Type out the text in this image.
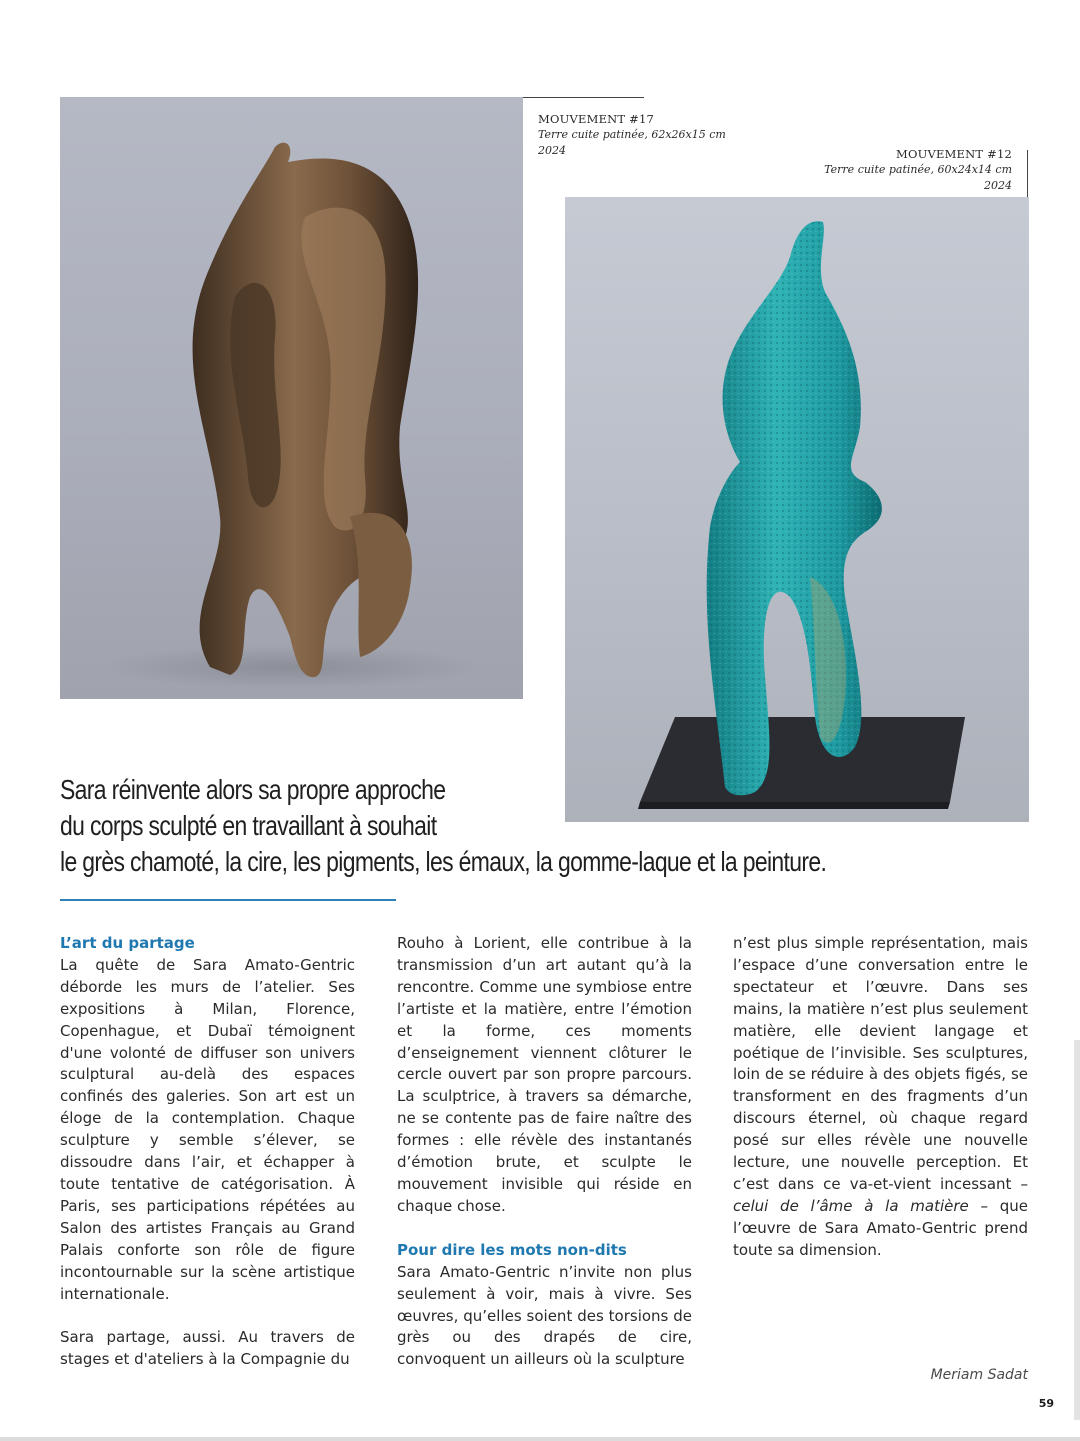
MOUVEMENT #17
Terre cuite patinée, 62x26x15 cm
2024	MOUVEMENT #12
Terre cuite patinée, 60x24x14 cm
2024
Sara réinvente alors sa propre approche
du corps sculpté en travaillant à souhait
le grès chamoté, la cire, les pigments, les émaux, la gomme-laque et la peinture.
L’art du partage

La quête de Sara Amato-Gentric déborde les murs de l’atelier. Ses expositions à Milan, Florence, Copenhague, et Dubaï témoignent d'une volonté de diffuser son univers sculptural au-delà des espaces confinés des galeries. Son art est un éloge de la contemplation. Chaque sculpture y semble s’élever, se dissoudre dans l’air, et échapper à toute tentative de catégorisation. À Paris, ses participations répétées au Salon des artistes Français au Grand Palais conforte son rôle de figure incontournable sur la scène artistique internationale.

Sara partage, aussi. Au travers de stages et d'ateliers à la Compagnie du

Rouho à Lorient, elle contribue à la transmission d’un art autant qu’à la rencontre. Comme une symbiose entre l’artiste et la matière, entre l’émotion et la forme, ces moments d’enseignement viennent clôturer le cercle ouvert par son propre parcours. La sculptrice, à travers sa démarche, ne se contente pas de faire naître des formes : elle révèle des instantanés d’émotion brute, et sculpte le mouvement invisible qui réside en chaque chose.

Pour dire les mots non-dits

Sara Amato-Gentric n’invite non plus seulement à voir, mais à vivre. Ses œuvres, qu’elles soient des torsions de grès ou des drapés de cire, convoquent un ailleurs où la sculpture

n’est plus simple représentation, mais l’espace d’une conversation entre le spectateur et l’œuvre. Dans ses mains, la matière n’est plus seulement matière, elle devient langage et poétique de l’invisible. Ses sculptures, loin de se réduire à des objets figés, se transforment en des fragments d’un discours éternel, où chaque regard posé sur elles révèle une nouvelle lecture, une nouvelle perception. Et c’est dans ce va-et-vient incessant – celui de l’âme à la matière – que l’œuvre de Sara Amato-Gentric prend toute sa dimension.

Meriam Sadat
59
